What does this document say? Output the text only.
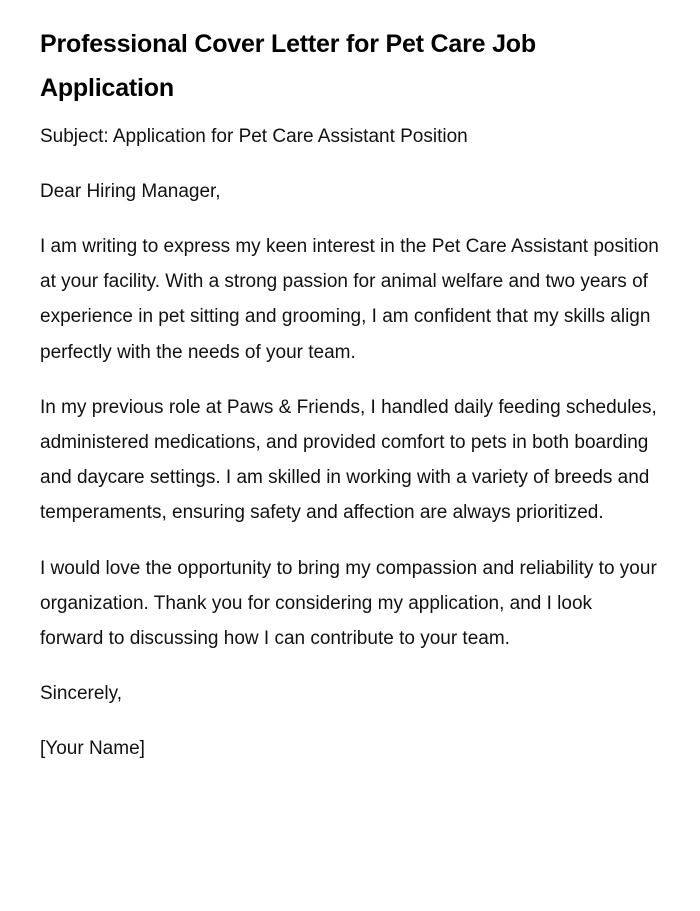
Professional Cover Letter for Pet Care Job Application

Subject: Application for Pet Care Assistant Position

Dear Hiring Manager,

I am writing to express my keen interest in the Pet Care Assistant position at your facility. With a strong passion for animal welfare and two years of experience in pet sitting and grooming, I am confident that my skills align perfectly with the needs of your team.

In my previous role at Paws & Friends, I handled daily feeding schedules, administered medications, and provided comfort to pets in both boarding and daycare settings. I am skilled in working with a variety of breeds and temperaments, ensuring safety and affection are always prioritized.

I would love the opportunity to bring my compassion and reliability to your organization. Thank you for considering my application, and I look forward to discussing how I can contribute to your team.

Sincerely,

[Your Name]
